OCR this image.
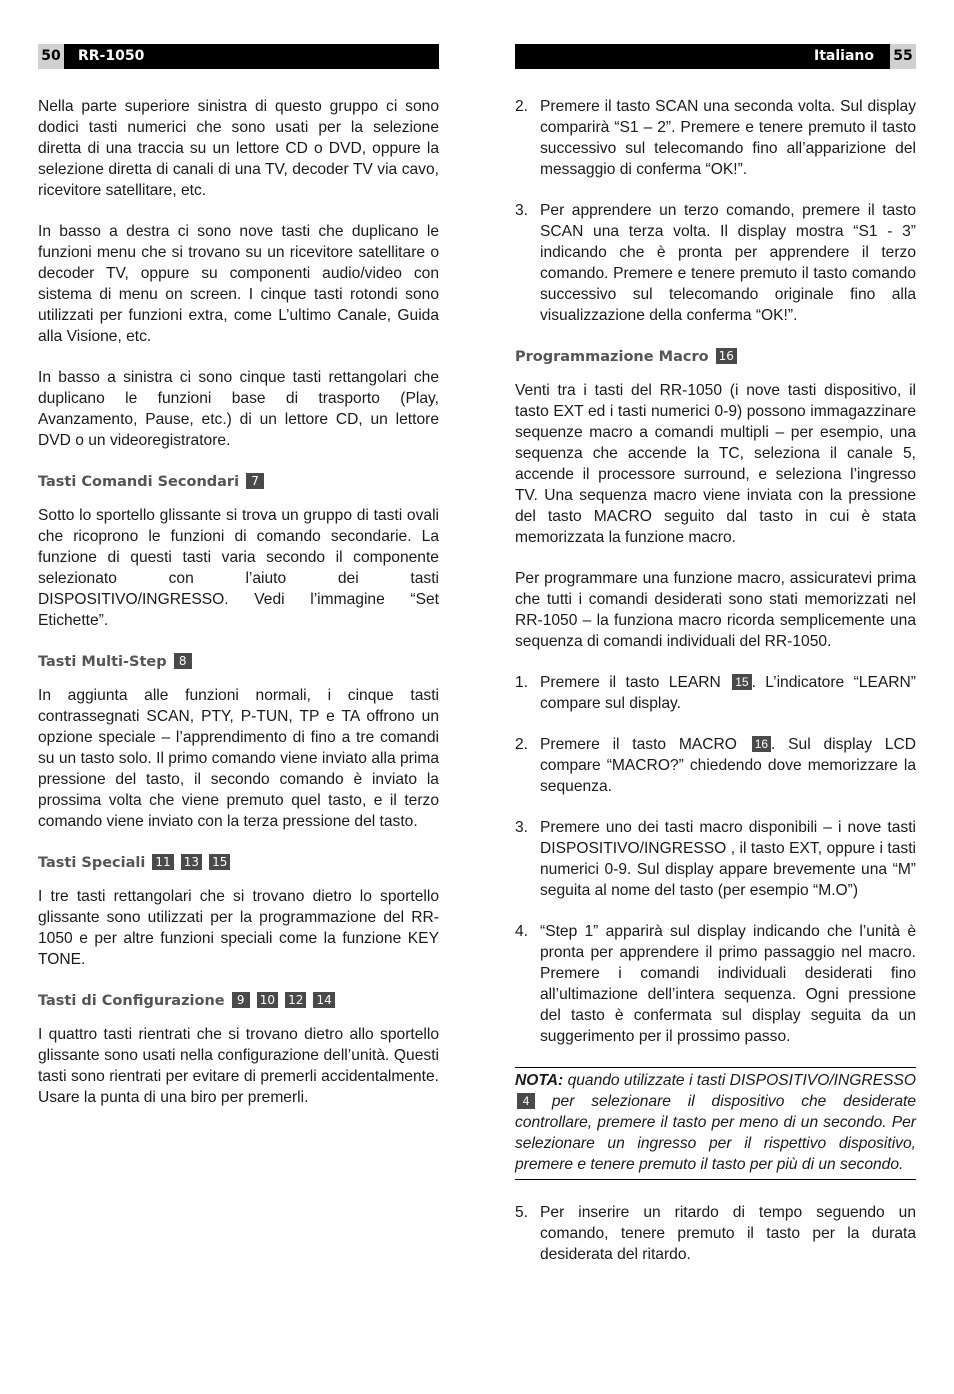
50 RR-1050	Italiano 55

Nella parte superiore sinistra di questo gruppo ci sono dodici tasti numerici che sono usati per la selezione diretta di una traccia su un lettore CD o DVD, oppure la selezione diretta di canali di una TV, decoder TV via cavo, ricevitore satellitare, etc.

In basso a destra ci sono nove tasti che duplicano le funzioni menu che si trovano su un ricevitore satellitare o decoder TV, oppure su componenti audio/video con sistema di menu on screen. I cinque tasti rotondi sono utilizzati per funzioni extra, come L’ultimo Canale, Guida alla Visione, etc.

In basso a sinistra ci sono cinque tasti rettangolari che duplicano le funzioni base di trasporto (Play, Avanzamento, Pause, etc.) di un lettore CD, un lettore DVD o un videoregistratore.

Tasti Comandi Secondari 7

Sotto lo sportello glissante si trova un gruppo di tasti ovali che ricoprono le funzioni di comando secondarie. La funzione di questi tasti varia secondo il componente selezionato con l’aiuto dei tasti DISPOSITIVO/INGRESSO. Vedi l’immagine “Set Etichette”.

Tasti Multi-Step 8

In aggiunta alle funzioni normali, i cinque tasti contrassegnati SCAN, PTY, P-TUN, TP e TA offrono un opzione speciale – l’apprendimento di fino a tre comandi su un tasto solo. Il primo comando viene inviato alla prima pressione del tasto, il secondo comando è inviato la prossima volta che viene premuto quel tasto, e il terzo comando viene inviato con la terza pressione del tasto.

Tasti Speciali 11 13 15

I tre tasti rettangolari che si trovano dietro lo sportello glissante sono utilizzati per la programmazione del RR-1050 e per altre funzioni speciali come la funzione KEY TONE.

Tasti di Configurazione 9 10 12 14

I quattro tasti rientrati che si trovano dietro allo sportello glissante sono usati nella configurazione dell’unità. Questi tasti sono rientrati per evitare di premerli accidentalmente. Usare la punta di una biro per premerli.

2. Premere il tasto SCAN una seconda volta. Sul display comparirà “S1 – 2”. Premere e tenere premuto il tasto successivo sul telecomando fino all’apparizione del messaggio di conferma “OK!”.
3. Per apprendere un terzo comando, premere il tasto SCAN una terza volta. Il display mostra “S1 - 3” indicando che è pronta per apprendere il terzo comando. Premere e tenere premuto il tasto comando successivo sul telecomando originale fino alla visualizzazione della conferma “OK!”.
Programmazione Macro 16

Venti tra i tasti del RR-1050 (i nove tasti dispositivo, il tasto EXT ed i tasti numerici 0-9) possono immagazzinare sequenze macro a comandi multipli – per esempio, una sequenza che accende la TC, seleziona il canale 5, accende il processore surround, e seleziona l’ingresso TV. Una sequenza macro viene inviata con la pressione del tasto MACRO seguito dal tasto in cui è stata memorizzata la funzione macro.

Per programmare una funzione macro, assicuratevi prima che tutti i comandi desiderati sono stati memorizzati nel RR-1050 – la funziona macro ricorda semplicemente una sequenza di comandi individuali del RR-1050.

1. Premere il tasto LEARN 15 . L’indicatore “LEARN” compare sul display.
2. Premere il tasto MACRO 16 . Sul display LCD compare “MACRO?” chiedendo dove memorizzare la sequenza.
3. Premere uno dei tasti macro disponibili – i nove tasti DISPOSITIVO/INGRESSO , il tasto EXT, oppure i tasti numerici 0-9. Sul display appare brevemente una “M” seguita al nome del tasto (per esempio “M.O”)
4. “Step 1” apparirà sul display indicando che l’unità è pronta per apprendere il primo passaggio nel macro. Premere i comandi individuali desiderati fino all’ultimazione dell’intera sequenza. Ogni pressione del tasto è confermata sul display seguita da un suggerimento per il prossimo passo.
NOTA: quando utilizzate i tasti DISPOSITIVO/INGRESSO 4 per selezionare il dispositivo che desiderate controllare, premere il tasto per meno di un secondo. Per selezionare un ingresso per il rispettivo dispositivo, premere e tenere premuto il tasto per più di un secondo.
5. Per inserire un ritardo di tempo seguendo un comando, tenere premuto il tasto per la durata desiderata del ritardo.
